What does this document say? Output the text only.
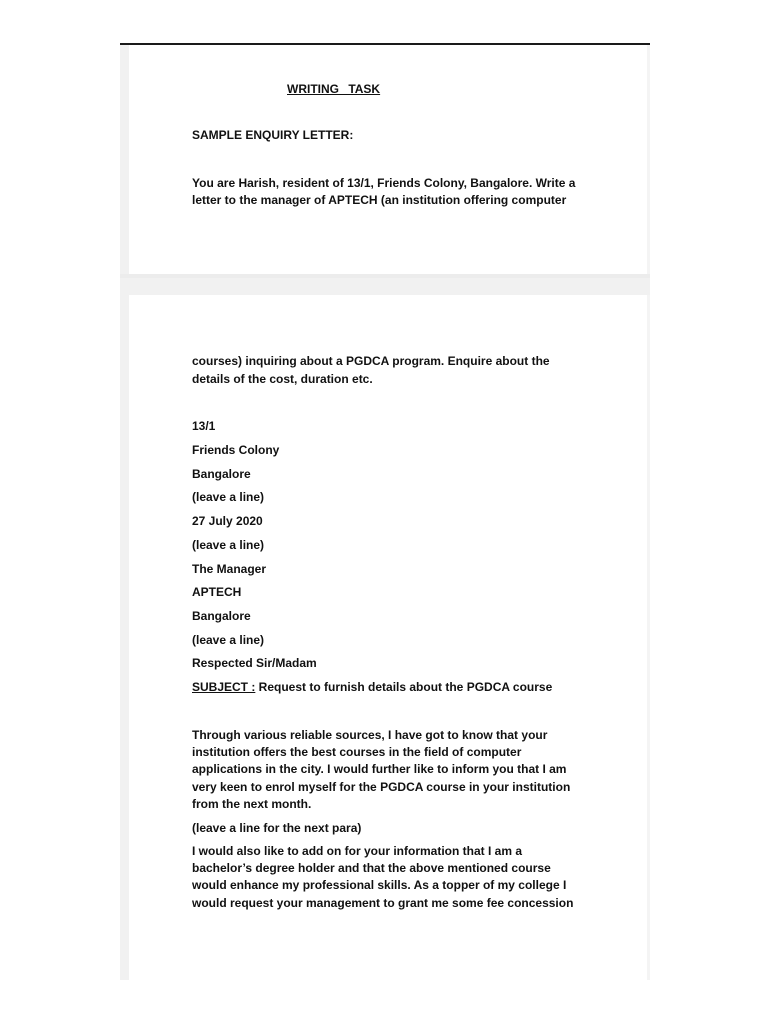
WRITING TASK

SAMPLE ENQUIRY LETTER:

You are Harish, resident of 13/1, Friends Colony, Bangalore. Write a

letter to the manager of APTECH (an institution offering computer

courses) inquiring about a PGDCA program. Enquire about the

details of the cost, duration etc.

13/1

Friends Colony

Bangalore

(leave a line)

27 July 2020

(leave a line)

The Manager

APTECH

Bangalore

(leave a line)

Respected Sir/Madam

SUBJECT : Request to furnish details about the PGDCA course

Through various reliable sources, I have got to know that your

institution offers the best courses in the field of computer

applications in the city. I would further like to inform you that I am

very keen to enrol myself for the PGDCA course in your institution

from the next month.

(leave a line for the next para)

I would also like to add on for your information that I am a

bachelor’s degree holder and that the above mentioned course

would enhance my professional skills. As a topper of my college I

would request your management to grant me some fee concession
